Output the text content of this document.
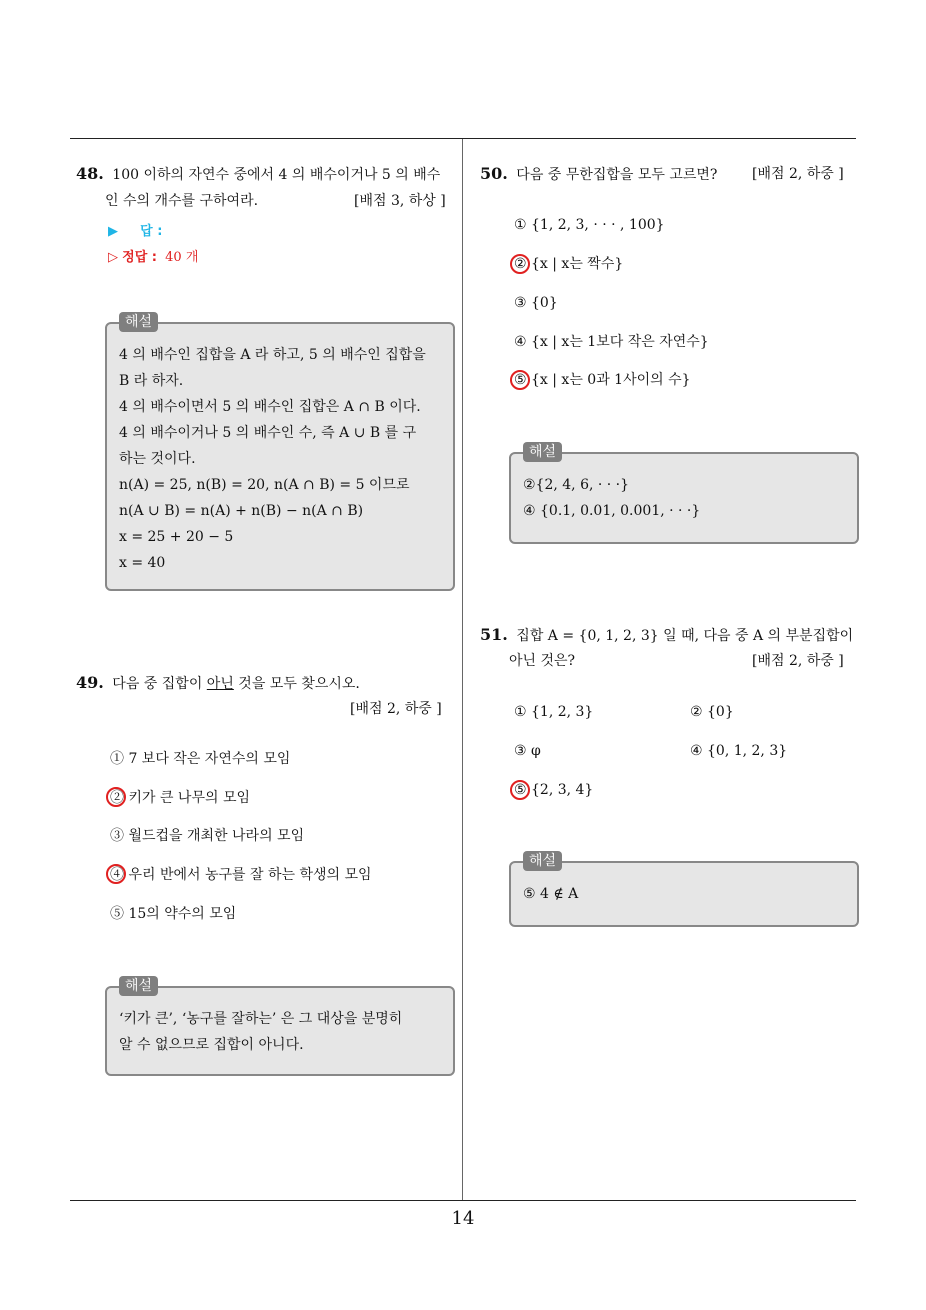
48. 100 이하의 자연수 중에서 4 의 배수이거나 5 의 배수
인 수의 개수를 구하여라.	[배점 3, 하상 ]
▶ 답 :
▷ 정답 : 40 개
해설
4 의 배수인 집합을 A 라 하고, 5 의 배수인 집합을
B 라 하자.
4 의 배수이면서 5 의 배수인 집합은 A ∩ B 이다.
4 의 배수이거나 5 의 배수인 수, 즉 A ∪ B 를 구
하는 것이다.
n(A) = 25, n(B) = 20, n(A ∩ B) = 5 이므로
n(A ∪ B) = n(A) + n(B) − n(A ∩ B)
x = 25 + 20 − 5
x = 40
49. 다음 중 집합이 아닌 것을 모두 찾으시오.
[배점 2, 하중 ]
① 7 보다 작은 자연수의 모임
② 키가 큰 나무의 모임
③ 월드컵을 개최한 나라의 모임
④ 우리 반에서 농구를 잘 하는 학생의 모임
⑤ 15의 약수의 모임
해설
‘키가 큰’, ‘농구를 잘하는’ 은 그 대상을 분명히
알 수 없으므로 집합이 아니다.
50. 다음 중 무한집합을 모두 고르면? [배점 2, 하중 ]
① {1, 2, 3, · · · , 100}
② {x | x는 짝수}
③ {0}
④ {x | x는 1보다 작은 자연수}
⑤ {x | x는 0과 1사이의 수}
해설
②{2, 4, 6, · · ·}
④ {0.1, 0.01, 0.001, · · ·}
51. 집합 A = {0, 1, 2, 3} 일 때, 다음 중 A 의 부분집합이
아닌 것은?	[배점 2, 하중 ]
① {1, 2, 3}	② {0}
③ φ	④ {0, 1, 2, 3}
⑤ {2, 3, 4}
해설
⑤ 4 ∉ A
14
